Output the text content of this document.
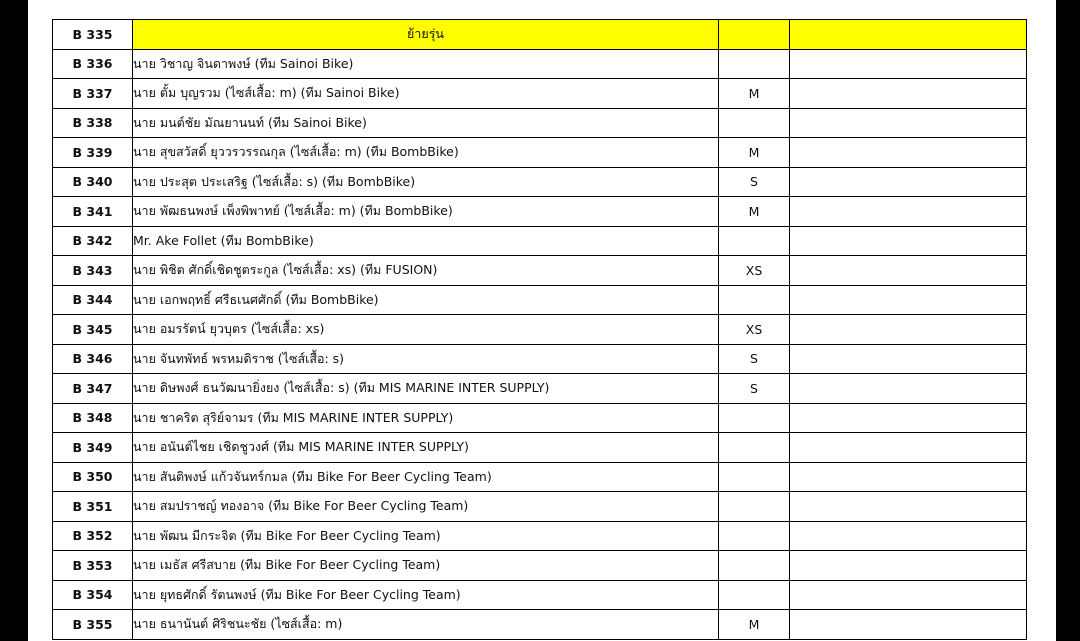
B 335	ย้ายรุ่น		
B 336	นาย วิชาญ จินดาพงษ์ (ทีม Sainoi Bike)		
B 337	นาย ตั้ม บุญรวม (ไซส์เสื้อ: m) (ทีม Sainoi Bike)	M	
B 338	นาย มนต์ชัย มัณยานนท์ (ทีม Sainoi Bike)		
B 339	นาย สุขสวัสดิ์ ยุววรวรรณกุล (ไซส์เสื้อ: m) (ทีม BombBike)	M	
B 340	นาย ประสุต ประเสริฐ (ไซส์เสื้อ: s) (ทีม BombBike)	S	
B 341	นาย พัฒธนพงษ์ เพ็งพิพาทย์ (ไซส์เสื้อ: m) (ทีม BombBike)	M	
B 342	Mr. Ake Follet (ทีม BombBike)		
B 343	นาย พิชิต ศักดิ์เชิดชูตระกูล (ไซส์เสื้อ: xs) (ทีม FUSION)	XS	
B 344	นาย เอกพฤทธิ์ ศรีธเนศศักดิ์ (ทีม BombBike)		
B 345	นาย อมรรัตน์ ยุวบุตร (ไซส์เสื้อ: xs)	XS	
B 346	นาย จันทพัทธ์ พรหมดิราช (ไซส์เสื้อ: s)	S	
B 347	นาย ดิษพงศ์ ธนวัฒนายิ่งยง (ไซส์เสื้อ: s) (ทีม MIS MARINE INTER SUPPLY)	S	
B 348	นาย ชาคริต สุริย์จามร (ทีม MIS MARINE INTER SUPPLY)		
B 349	นาย อนันต์ไชย เชิดชูวงศ์ (ทีม MIS MARINE INTER SUPPLY)		
B 350	นาย สันติพงษ์ แก้วจันทร์กมล (ทีม Bike For Beer Cycling Team)		
B 351	นาย สมปราชญ์ ทองอาจ (ทีม Bike For Beer Cycling Team)		
B 352	นาย พัฒน มีกระจิต (ทีม Bike For Beer Cycling Team)		
B 353	นาย เมธัส ศรีสบาย (ทีม Bike For Beer Cycling Team)		
B 354	นาย ยุทธศักดิ์ รัตนพงษ์ (ทีม Bike For Beer Cycling Team)		
B 355	นาย ธนานันต์ ศิริชนะชัย (ไซส์เสื้อ: m)	M	
